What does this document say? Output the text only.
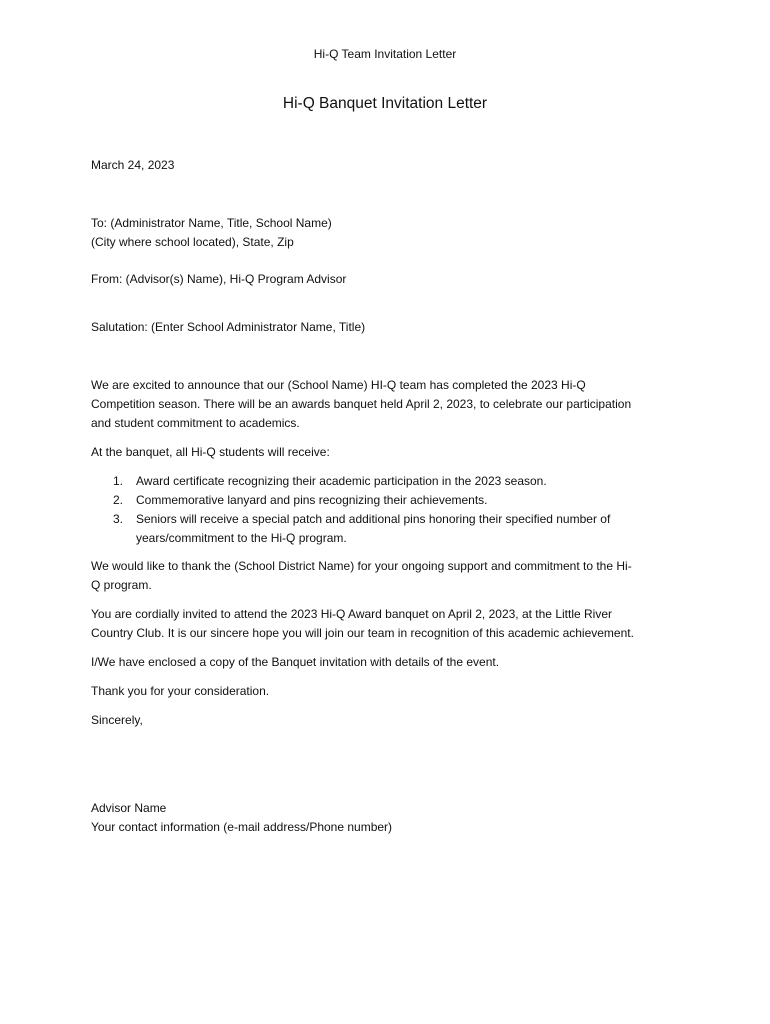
Hi-Q Team Invitation Letter
Hi-Q Banquet Invitation Letter
March 24, 2023
To: (Administrator Name, Title, School Name)
(City where school located), State, Zip
From: (Advisor(s) Name), Hi-Q Program Advisor
Salutation: (Enter School Administrator Name, Title)
We are excited to announce that our (School Name) HI-Q team has completed the 2023 Hi-Q
Competition season. There will be an awards banquet held April 2, 2023, to celebrate our participation
and student commitment to academics.
At the banquet, all Hi-Q students will receive:
1. Award certificate recognizing their academic participation in the 2023 season.
2. Commemorative lanyard and pins recognizing their achievements.
3. Seniors will receive a special patch and additional pins honoring their specified number of
years/commitment to the Hi-Q program.
We would like to thank the (School District Name) for your ongoing support and commitment to the Hi-
Q program.
You are cordially invited to attend the 2023 Hi-Q Award banquet on April 2, 2023, at the Little River
Country Club. It is our sincere hope you will join our team in recognition of this academic achievement.
I/We have enclosed a copy of the Banquet invitation with details of the event.
Thank you for your consideration.
Sincerely,
Advisor Name
Your contact information (e-mail address/Phone number)
